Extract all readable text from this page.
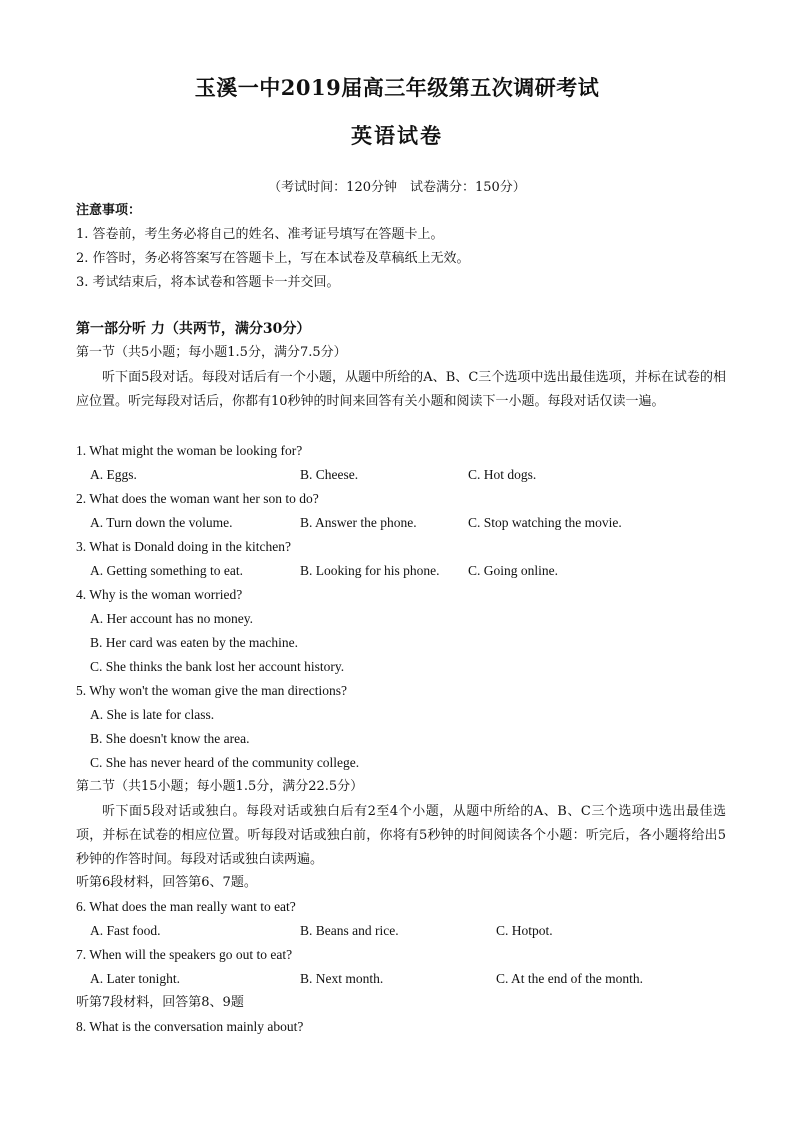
玉溪一中2019届高三年级第五次调研考试
英语试卷
（考试时间：120分钟　试卷满分：150分）
注意事项：
1. 答卷前，考生务必将自己的姓名、准考证号填写在答题卡上。
2. 作答时，务必将答案写在答题卡上，写在本试卷及草稿纸上无效。
3. 考试结束后，将本试卷和答题卡一并交回。
第一部分听 力（共两节，满分30分）
第一节（共5小题；每小题1.5分，满分7.5分）
听下面5段对话。每段对话后有一个小题，从题中所给的A、B、C三个选项中选出最佳选项，并标在试卷的相应位置。听完每段对话后，你都有10秒钟的时间来回答有关小题和阅读下一小题。每段对话仅读一遍。
1. What might the woman be looking for?
A. Eggs.	B. Cheese.	C. Hot dogs.
2. What does the woman want her son to do?
A. Turn down the volume.	B. Answer the phone.	C. Stop watching the movie.
3. What is Donald doing in the kitchen?
A. Getting something to eat.	B. Looking for his phone. C. Going online.
4. Why is the woman worried?
A. Her account has no money.
B. Her card was eaten by the machine.
C. She thinks the bank lost her account history.
5. Why won't the woman give the man directions?
A. She is late for class.
B. She doesn't know the area.
C. She has never heard of the community college.
第二节（共15小题；每小题1.5分，满分22.5分）
听下面5段对话或独白。每段对话或独白后有2至4个小题，从题中所给的A、B、C三个选项中选出最佳选项，并标在试卷的相应位置。听每段对话或独白前，你将有5秒钟的时间阅读各个小题：听完后，各小题将给出5秒钟的作答时间。每段对话或独白读两遍。
听第6段材料，回答第6、7题。
6. What does the man really want to eat?
A. Fast food.	B. Beans and rice.	C. Hotpot.
7. When will the speakers go out to eat?
A. Later tonight.	B. Next month.	C. At the end of the month.
听第7段材料，回答第8、9题
8. What is the conversation mainly about?
